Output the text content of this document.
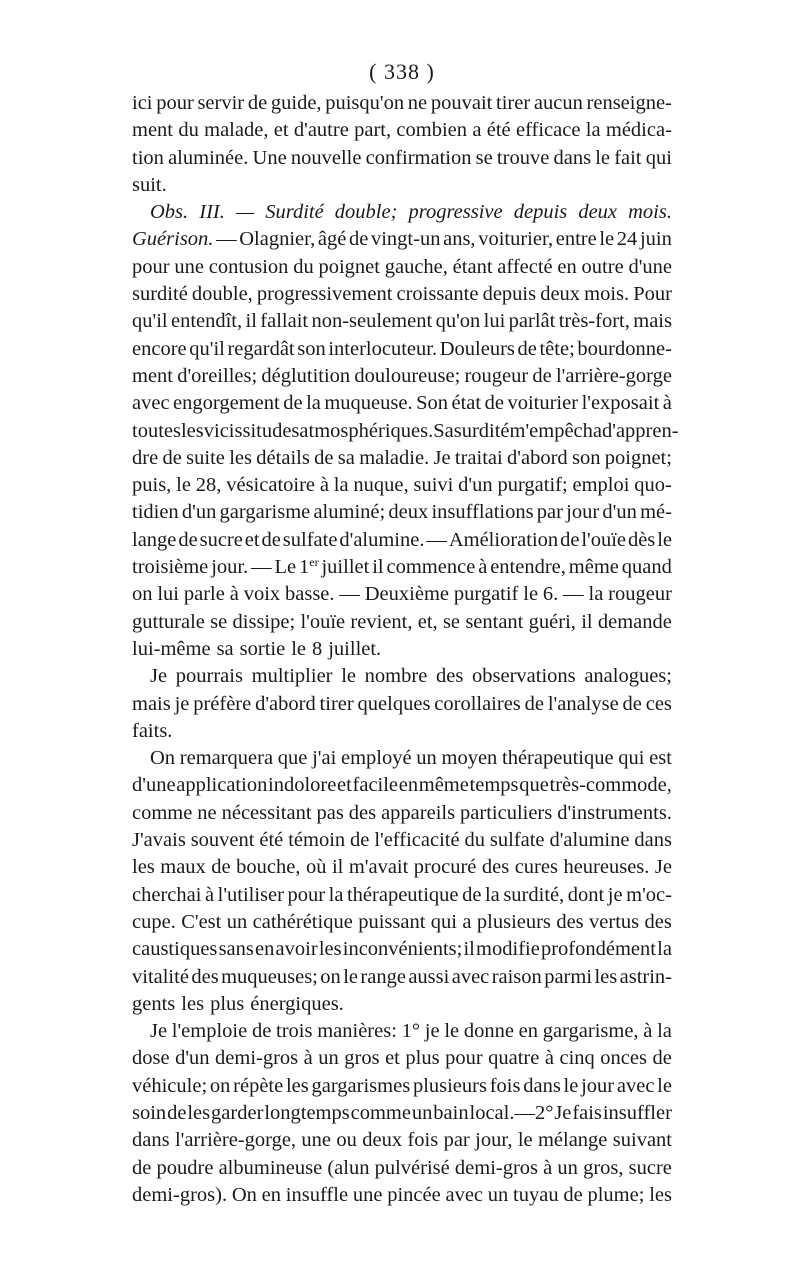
( 338 )
ici pour servir de guide, puisqu'on ne pouvait tirer aucun renseigne-
ment du malade, et d'autre part, combien a été efficace la médica-
tion aluminée. Une nouvelle confirmation se trouve dans le fait qui
suit.
Obs. III. — Surdité double; progressive depuis deux mois.
Guérison. — Olagnier, âgé de vingt-un ans, voiturier, entre le 24 juin
pour une contusion du poignet gauche, étant affecté en outre d'une
surdité double, progressivement croissante depuis deux mois. Pour
qu'il entendît, il fallait non-seulement qu'on lui parlât très-fort, mais
encore qu'il regardât son interlocuteur. Douleurs de tête; bourdonne-
ment d'oreilles; déglutition douloureuse; rougeur de l'arrière-gorge
avec engorgement de la muqueuse. Son état de voiturier l'exposait à
toutes les vicissitudes atmosphériques. Sa surdité m'empêcha d'appren-
dre de suite les détails de sa maladie. Je traitai d'abord son poignet;
puis, le 28, vésicatoire à la nuque, suivi d'un purgatif; emploi quo-
tidien d'un gargarisme aluminé; deux insufflations par jour d'un mé-
lange de sucre et de sulfate d'alumine. — Amélioration de l'ouïe dès le
troisième jour. — Le 1er juillet il commence à entendre, même quand
on lui parle à voix basse. — Deuxième purgatif le 6. — la rougeur
gutturale se dissipe; l'ouïe revient, et, se sentant guéri, il demande
lui-même sa sortie le 8 juillet.
Je pourrais multiplier le nombre des observations analogues;
mais je préfère d'abord tirer quelques corollaires de l'analyse de ces
faits.
On remarquera que j'ai employé un moyen thérapeutique qui est
d'une application indolore et facile en même temps que très-commode,
comme ne nécessitant pas des appareils particuliers d'instruments.
J'avais souvent été témoin de l'efficacité du sulfate d'alumine dans
les maux de bouche, où il m'avait procuré des cures heureuses. Je
cherchai à l'utiliser pour la thérapeutique de la surdité, dont je m'oc-
cupe. C'est un cathérétique puissant qui a plusieurs des vertus des
caustiques sans en avoir les inconvénients; il modifie profondément la
vitalité des muqueuses; on le range aussi avec raison parmi les astrin-
gents les plus énergiques.
Je l'emploie de trois manières: 1° je le donne en gargarisme, à la
dose d'un demi-gros à un gros et plus pour quatre à cinq onces de
véhicule; on répète les gargarismes plusieurs fois dans le jour avec le
soin de les garder longtemps comme un bain local.—2° Je fais insuffler
dans l'arrière-gorge, une ou deux fois par jour, le mélange suivant
de poudre albumineuse (alun pulvérisé demi-gros à un gros, sucre
demi-gros). On en insuffle une pincée avec un tuyau de plume; les
